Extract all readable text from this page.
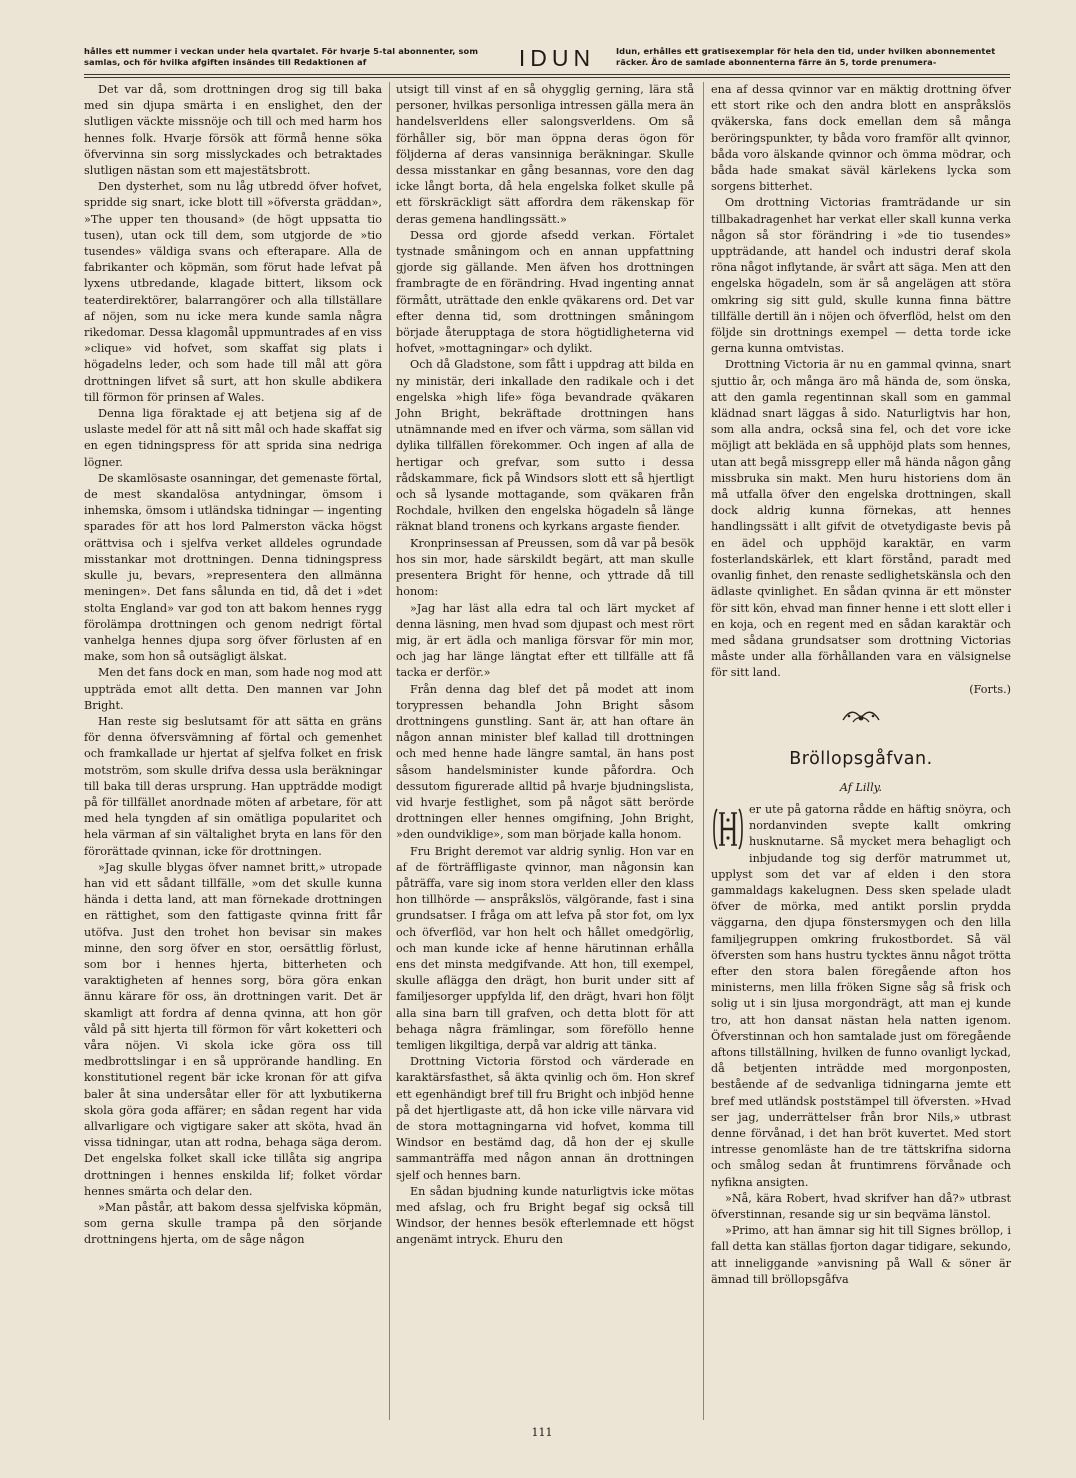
hålles ett nummer i veckan under hela qvartalet. För hvarje 5-tal abonnenter, som samlas, och för hvilka afgiften insändes till Redaktionen af	IDUN	Idun, erhålles ett gratisexemplar för hela den tid, under hvilken abonnementet räcker. Äro de samlade abonnenterna färre än 5, torde prenumera-

Det var då, som drottningen drog sig till baka med sin djupa smärta i en enslighet, den der slutligen väckte missnöje och till och med harm hos hennes folk. Hvarje försök att förmå henne söka öfvervinna sin sorg misslyckades och betraktades slutligen nästan som ett majestätsbrott.

Den dysterhet, som nu låg utbredd öfver hofvet, spridde sig snart, icke blott till »öfversta gräddan», »The upper ten thousand» (de högt uppsatta tio tusen), utan ock till dem, som utgjorde de »tio tusendes» väldiga svans och efterapare. Alla de fabrikanter och köpmän, som förut hade lefvat på lyxens utbredande, klagade bittert, liksom ock teaterdirektörer, balarrangörer och alla tillställare af nöjen, som nu icke mera kunde samla några rikedomar. Dessa klagomål uppmuntrades af en viss »clique» vid hofvet, som skaffat sig plats i högadelns leder, och som hade till mål att göra drottningen lifvet så surt, att hon skulle abdikera till förmon för prinsen af Wales.

Denna liga föraktade ej att betjena sig af de uslaste medel för att nå sitt mål och hade skaffat sig en egen tidningspress för att sprida sina nedriga lögner.

De skamlösaste osanningar, det gemenaste förtal, de mest skandalösa antydningar, ömsom i inhemska, ömsom i utländska tidningar — ingenting sparades för att hos lord Palmerston väcka högst orättvisa och i sjelfva verket alldeles ogrundade misstankar mot drottningen. Denna tidningspress skulle ju, bevars, »representera den allmänna meningen». Det fans sålunda en tid, då det i »det stolta England» var god ton att bakom hennes rygg förolämpa drottningen och genom nedrigt förtal vanhelga hennes djupa sorg öfver förlusten af en make, som hon så outsägligt älskat.

Men det fans dock en man, som hade nog mod att uppträda emot allt detta. Den mannen var John Bright.

Han reste sig beslutsamt för att sätta en gräns för denna öfversvämning af förtal och gemenhet och framkallade ur hjertat af sjelfva folket en frisk motström, som skulle drifva dessa usla beräkningar till baka till deras ursprung. Han uppträdde modigt på för tillfället anordnade möten af arbetare, för att med hela tyngden af sin omätliga popularitet och hela värman af sin vältalighet bryta en lans för den förorättade qvinnan, icke för drottningen.

»Jag skulle blygas öfver namnet britt,» utropade han vid ett sådant tillfälle, »om det skulle kunna hända i detta land, att man förnekade drottningen en rättighet, som den fattigaste qvinna fritt får utöfva. Just den trohet hon bevisar sin makes minne, den sorg öfver en stor, oersättlig förlust, som bor i hennes hjerta, bitterheten och varaktigheten af hennes sorg, böra göra enkan ännu kärare för oss, än drottningen varit. Det är skamligt att fordra af denna qvinna, att hon gör våld på sitt hjerta till förmon för vårt koketteri och våra nöjen. Vi skola icke göra oss till medbrottslingar i en så upprörande handling. En konstitutionel regent bär icke kronan för att gifva baler åt sina undersåtar eller för att lyxbutikerna skola göra goda affärer; en sådan regent har vida allvarligare och vigtigare saker att sköta, hvad än vissa tidningar, utan att rodna, behaga säga derom. Det engelska folket skall icke tillåta sig angripa drottningen i hennes enskilda lif; folket vördar hennes smärta och delar den.

»Man påstår, att bakom dessa sjelfviska köpmän, som gerna skulle trampa på den sörjande drottningens hjerta, om de såge någon

utsigt till vinst af en så ohygglig gerning, lära stå personer, hvilkas personliga intressen gälla mera än handelsverldens eller salongsverldens. Om så förhåller sig, bör man öppna deras ögon för följderna af deras vansinniga beräkningar. Skulle dessa misstankar en gång besannas, vore den dag icke långt borta, då hela engelska folket skulle på ett förskräckligt sätt affordra dem räkenskap för deras gemena handlingssätt.»

Dessa ord gjorde afsedd verkan. Förtalet tystnade småningom och en annan uppfattning gjorde sig gällande. Men äfven hos drottningen frambragte de en förändring. Hvad ingenting annat förmått, uträttade den enkle qväkarens ord. Det var efter denna tid, som drottningen småningom började återupptaga de stora högtidligheterna vid hofvet, »mottagningar» och dylikt.

Och då Gladstone, som fått i uppdrag att bilda en ny ministär, deri inkallade den radikale och i det engelska »high life» föga bevandrade qväkaren John Bright, bekräftade drottningen hans utnämnande med en ifver och värma, som sällan vid dylika tillfällen förekommer. Och ingen af alla de hertigar och grefvar, som sutto i dessa rådskammare, fick på Windsors slott ett så hjertligt och så lysande mottagande, som qväkaren från Rochdale, hvilken den engelska högadeln så länge räknat bland tronens och kyrkans argaste fiender.

Kronprinsessan af Preussen, som då var på besök hos sin mor, hade särskildt begärt, att man skulle presentera Bright för henne, och yttrade då till honom:

»Jag har läst alla edra tal och lärt mycket af denna läsning, men hvad som djupast och mest rört mig, är ert ädla och manliga försvar för min mor, och jag har länge längtat efter ett tillfälle att få tacka er derför.»

Från denna dag blef det på modet att inom torypressen behandla John Bright såsom drottningens gunstling. Sant är, att han oftare än någon annan minister blef kallad till drottningen och med henne hade längre samtal, än hans post såsom handelsminister kunde påfordra. Och dessutom figurerade alltid på hvarje bjudningslista, vid hvarje festlighet, som på något sätt berörde drottningen eller hennes omgifning, John Bright, »den oundviklige», som man började kalla honom.

Fru Bright deremot var aldrig synlig. Hon var en af de förträffligaste qvinnor, man någonsin kan påträffa, vare sig inom stora verlden eller den klass hon tillhörde — anspråkslös, välgörande, fast i sina grundsatser. I fråga om att lefva på stor fot, om lyx och öfverflöd, var hon helt och hållet omedgörlig, och man kunde icke af henne härutinnan erhålla ens det minsta medgifvande. Att hon, till exempel, skulle aflägga den drägt, hon burit under sitt af familjesorger uppfylda lif, den drägt, hvari hon följt alla sina barn till grafven, och detta blott för att behaga några främlingar, som föreföllo henne temligen likgiltiga, derpå var aldrig att tänka.

Drottning Victoria förstod och värderade en karaktärsfasthet, så äkta qvinlig och öm. Hon skref ett egenhändigt bref till fru Bright och inbjöd henne på det hjertligaste att, då hon icke ville närvara vid de stora mottagningarna vid hofvet, komma till Windsor en bestämd dag, då hon der ej skulle sammanträffa med någon annan än drottningen sjelf och hennes barn.

En sådan bjudning kunde naturligtvis icke mötas med afslag, och fru Bright begaf sig också till Windsor, der hennes besök efterlemnade ett högst angenämt intryck. Ehuru den

ena af dessa qvinnor var en mäktig drottning öfver ett stort rike och den andra blott en anspråkslös qväkerska, fans dock emellan dem så många beröringspunkter, ty båda voro framför allt qvinnor, båda voro älskande qvinnor och ömma mödrar, och båda hade smakat säväl kärlekens lycka som sorgens bitterhet.

Om drottning Victorias framträdande ur sin tillbakadragenhet har verkat eller skall kunna verka någon så stor förändring i »de tio tusendes» uppträdande, att handel och industri deraf skola röna något inflytande, är svårt att säga. Men att den engelska högadeln, som är så angelägen att störa omkring sig sitt guld, skulle kunna finna bättre tillfälle dertill än i nöjen och öfverflöd, helst om den följde sin drottnings exempel — detta torde icke gerna kunna omtvistas.

Drottning Victoria är nu en gammal qvinna, snart sjuttio år, och många äro må hända de, som önska, att den gamla regentinnan skall som en gammal klädnad snart läggas å sido. Naturligtvis har hon, som alla andra, också sina fel, och det vore icke möjligt att bekläda en så upphöjd plats som hennes, utan att begå missgrepp eller må hända någon gång missbruka sin makt. Men huru historiens dom än må utfalla öfver den engelska drottningen, skall dock aldrig kunna förnekas, att hennes handlingssätt i allt gifvit de otvetydigaste bevis på en ädel och upphöjd karaktär, en varm fosterlandskärlek, ett klart förstånd, paradt med ovanlig finhet, den renaste sedlighetskänsla och den ädlaste qvinlighet. En sådan qvinna är ett mönster för sitt kön, ehvad man finner henne i ett slott eller i en koja, och en regent med en sådan karaktär och med sådana grundsatser som drottning Victorias måste under alla förhållanden vara en välsignelse för sitt land.

(Forts.)

Bröllopsgåfvan.
Af Lilly.

er ute på gatorna rådde en häftig snöyra, och nordanvinden svepte kallt omkring husknutarne. Så mycket mera behagligt och inbjudande tog sig derför matrummet ut, upplyst som det var af elden i den stora gammaldags kakelugnen. Dess sken spelade uladt öfver de mörka, med antikt porslin prydda väggarna, den djupa fönstersmygen och den lilla familjegruppen omkring frukostbordet. Så väl öfversten som hans hustru tycktes ännu något trötta efter den stora balen föregående afton hos ministerns, men lilla fröken Signe såg så frisk och solig ut i sin ljusa morgondrägt, att man ej kunde tro, att hon dansat nästan hela natten igenom. Öfverstinnan och hon samtalade just om föregående aftons tillställning, hvilken de funno ovanligt lyckad, då betjenten inträdde med morgonposten, bestående af de sedvanliga tidningarna jemte ett bref med utländsk poststämpel till öfversten. »Hvad ser jag, underrättelser från bror Nils,» utbrast denne förvånad, i det han bröt kuvertet. Med stort intresse genomläste han de tre tättskrifna sidorna och smålog sedan åt fruntimrens förvånade och nyfikna ansigten.

»Nå, kära Robert, hvad skrifver han då?» utbrast öfverstinnan, resande sig ur sin beqväma länstol.

»Primo, att han ämnar sig hit till Signes bröllop, i fall detta kan ställas fjorton dagar tidigare, sekundo, att inneliggande »anvisning på Wall & söner är ämnad till bröllopsgåfva

111
